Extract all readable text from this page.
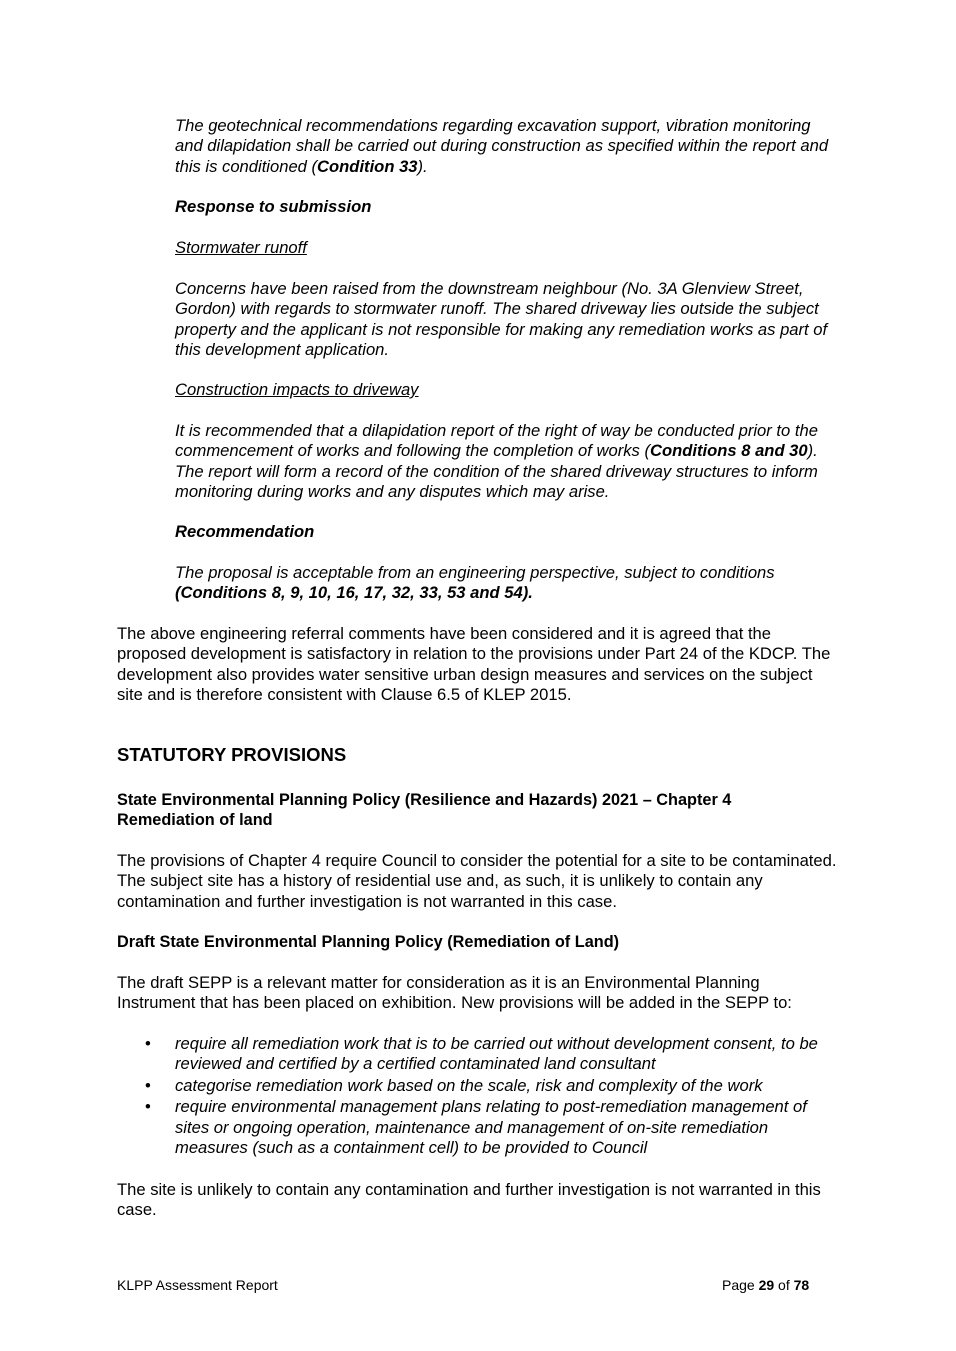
The geotechnical recommendations regarding excavation support, vibration monitoring and dilapidation shall be carried out during construction as specified within the report and this is conditioned (Condition 33).

Response to submission

Stormwater runoff

Concerns have been raised from the downstream neighbour (No. 3A Glenview Street, Gordon) with regards to stormwater runoff. The shared driveway lies outside the subject property and the applicant is not responsible for making any remediation works as part of this development application.

Construction impacts to driveway

It is recommended that a dilapidation report of the right of way be conducted prior to the commencement of works and following the completion of works (Conditions 8 and 30). The report will form a record of the condition of the shared driveway structures to inform monitoring during works and any disputes which may arise.

Recommendation

The proposal is acceptable from an engineering perspective, subject to conditions (Conditions 8, 9, 10, 16, 17, 32, 33, 53 and 54).

The above engineering referral comments have been considered and it is agreed that the proposed development is satisfactory in relation to the provisions under Part 24 of the KDCP. The development also provides water sensitive urban design measures and services on the subject site and is therefore consistent with Clause 6.5 of KLEP 2015.

STATUTORY PROVISIONS

State Environmental Planning Policy (Resilience and Hazards) 2021 – Chapter 4 Remediation of land

The provisions of Chapter 4 require Council to consider the potential for a site to be contaminated. The subject site has a history of residential use and, as such, it is unlikely to contain any contamination and further investigation is not warranted in this case.

Draft State Environmental Planning Policy (Remediation of Land)

The draft SEPP is a relevant matter for consideration as it is an Environmental Planning Instrument that has been placed on exhibition. New provisions will be added in the SEPP to:

• require all remediation work that is to be carried out without development consent, to be reviewed and certified by a certified contaminated land consultant
• categorise remediation work based on the scale, risk and complexity of the work
• require environmental management plans relating to post-remediation management of sites or ongoing operation, maintenance and management of on-site remediation measures (such as a containment cell) to be provided to Council

The site is unlikely to contain any contamination and further investigation is not warranted in this case.

KLPP Assessment Report	Page 29 of 78
